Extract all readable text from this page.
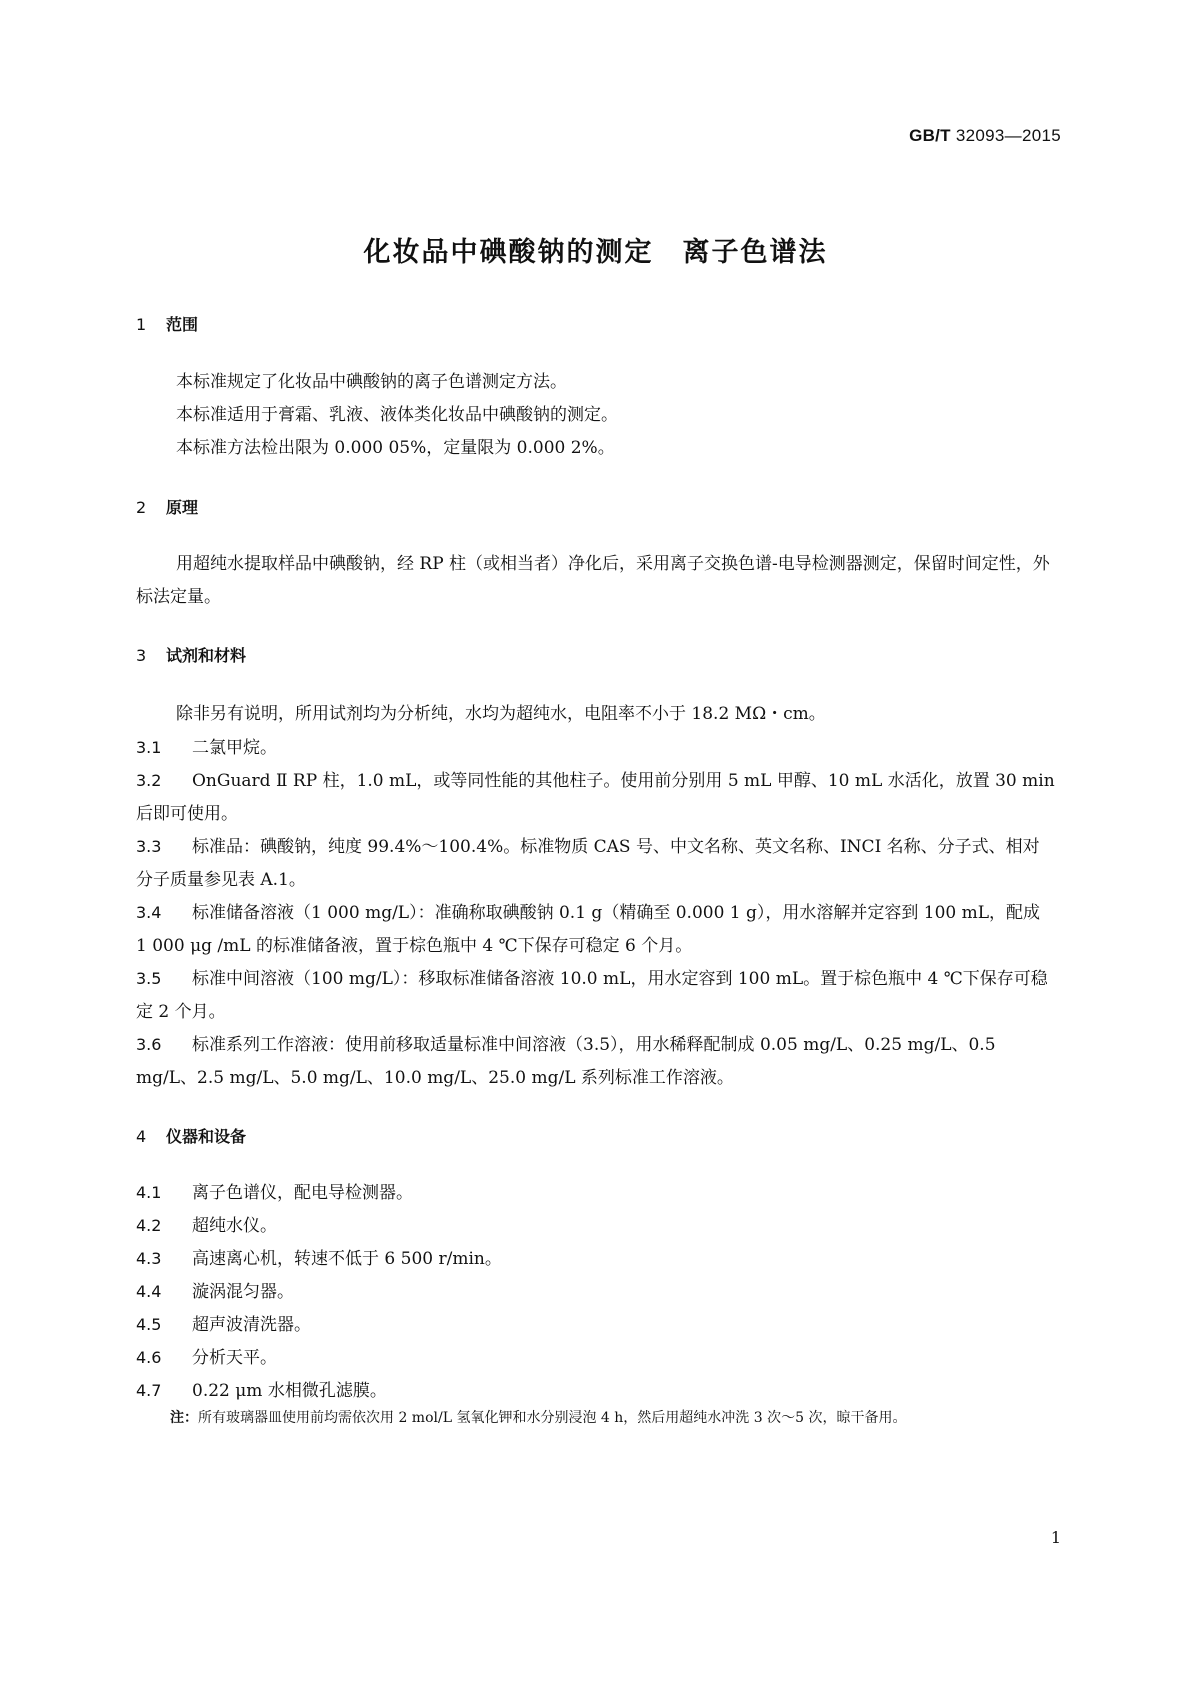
GB/T 32093—2015
化妆品中碘酸钠的测定　离子色谱法
1 范围
本标准规定了化妆品中碘酸钠的离子色谱测定方法。
本标准适用于膏霜、乳液、液体类化妆品中碘酸钠的测定。
本标准方法检出限为 0.000 05%，定量限为 0.000 2%。
2 原理
用超纯水提取样品中碘酸钠，经 RP 柱（或相当者）净化后，采用离子交换色谱-电导检测器测定，保留时间定性，外标法定量。
3 试剂和材料
除非另有说明，所用试剂均为分析纯，水均为超纯水，电阻率不小于 18.2 MΩ・cm。
3.1 二氯甲烷。
3.2 OnGuard Ⅱ RP 柱，1.0 mL，或等同性能的其他柱子。使用前分别用 5 mL 甲醇、10 mL 水活化，放置 30 min 后即可使用。
3.3 标准品：碘酸钠，纯度 99.4%～100.4%。标准物质 CAS 号、中文名称、英文名称、INCI 名称、分子式、相对分子质量参见表 A.1。
3.4 标准储备溶液（1 000 mg/L）：准确称取碘酸钠 0.1 g（精确至 0.000 1 g），用水溶解并定容到 100 mL，配成 1 000 μg /mL 的标准储备液，置于棕色瓶中 4 ℃下保存可稳定 6 个月。
3.5 标准中间溶液（100 mg/L）：移取标准储备溶液 10.0 mL，用水定容到 100 mL。置于棕色瓶中 4 ℃下保存可稳定 2 个月。
3.6 标准系列工作溶液：使用前移取适量标准中间溶液（3.5），用水稀释配制成 0.05 mg/L、0.25 mg/L、0.5 mg/L、2.5 mg/L、5.0 mg/L、10.0 mg/L、25.0 mg/L 系列标准工作溶液。
4 仪器和设备
4.1 离子色谱仪，配电导检测器。
4.2 超纯水仪。
4.3 高速离心机，转速不低于 6 500 r/min。
4.4 漩涡混匀器。
4.5 超声波清洗器。
4.6 分析天平。
4.7 0.22 μm 水相微孔滤膜。
注：所有玻璃器皿使用前均需依次用 2 mol/L 氢氧化钾和水分别浸泡 4 h，然后用超纯水冲洗 3 次～5 次，晾干备用。
1
